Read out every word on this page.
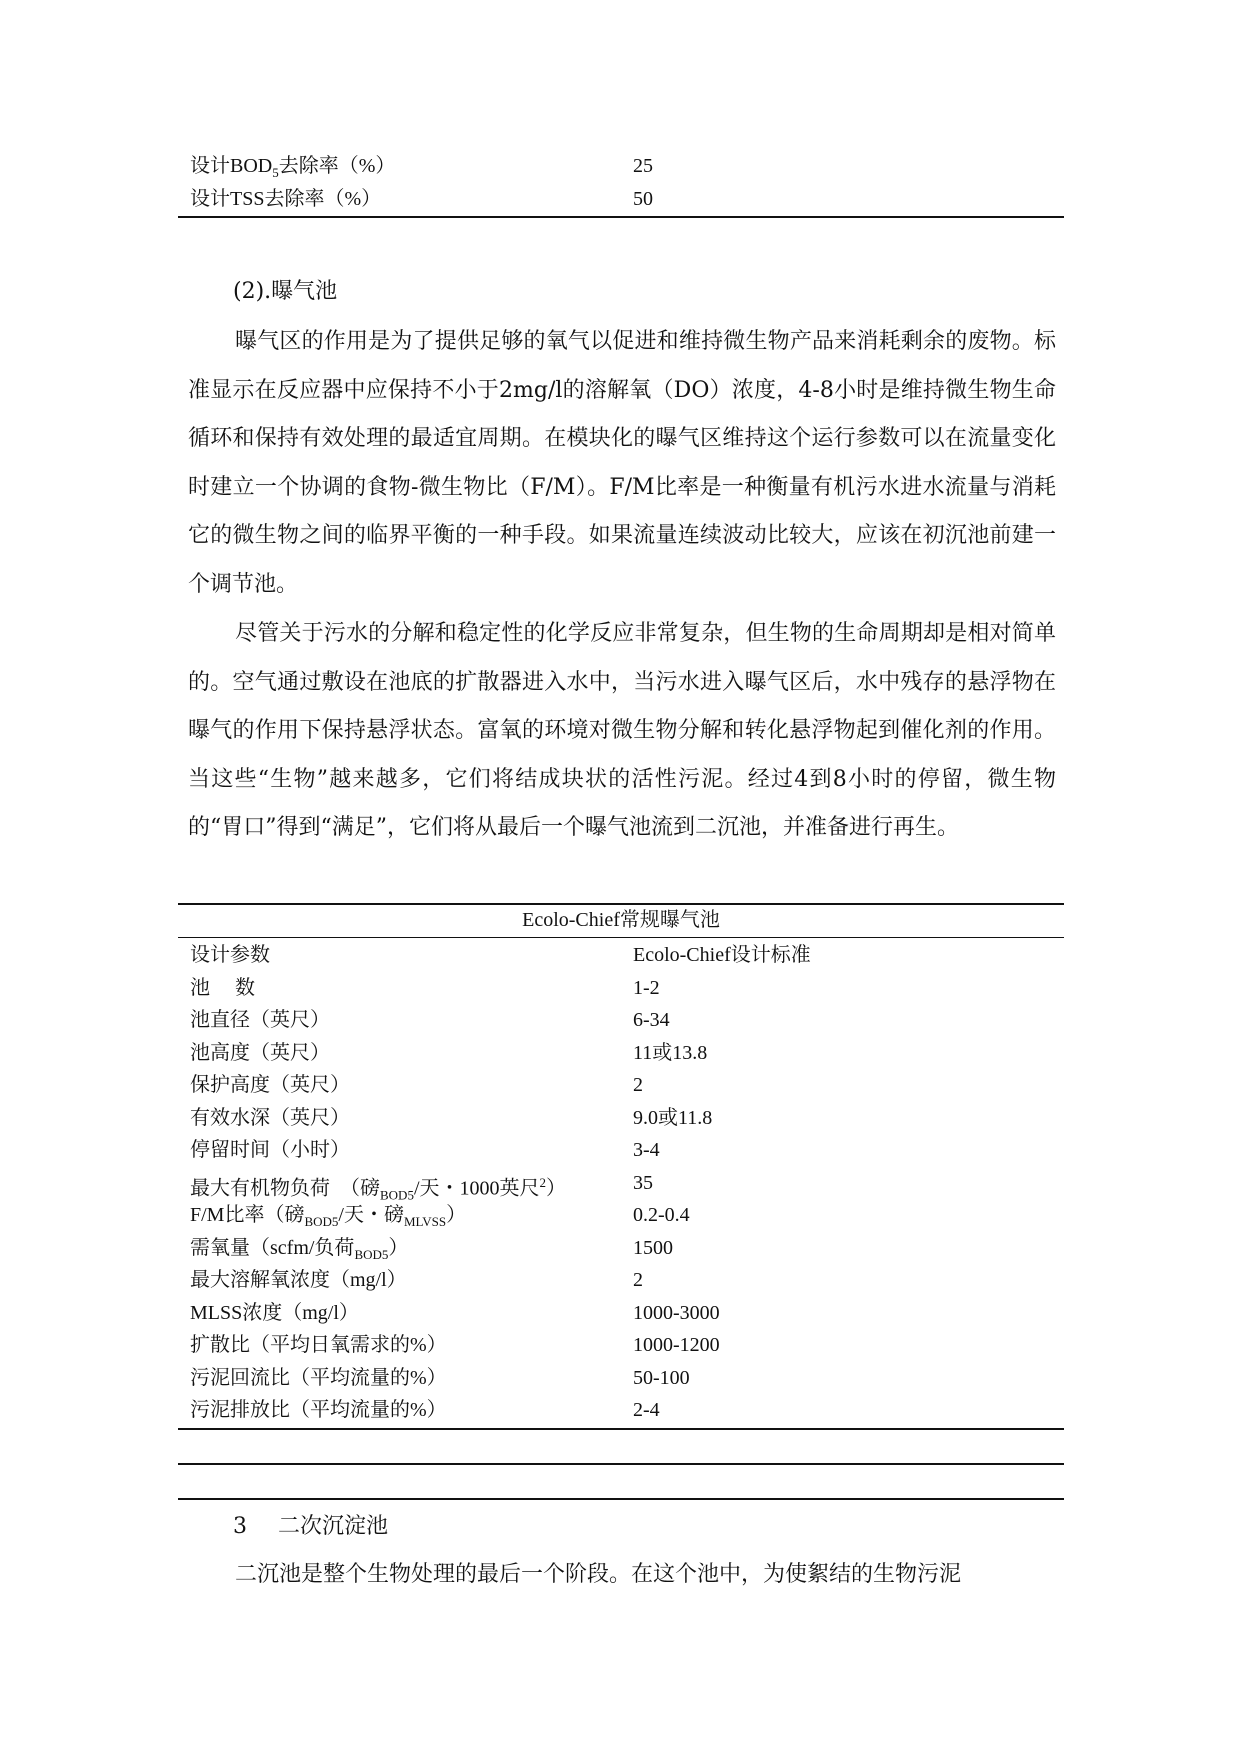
设计$BOD_5$去除率（%）	25
设计TSS去除率（%）	50
(2).曝气池
曝气区的作用是为了提供足够的氧气以促进和维持微生物产品来消耗剩余的废物。标准显示在反应器中应保持不小于2mg/l的溶解氧（DO）浓度，4-8小时是维持微生物生命循环和保持有效处理的最适宜周期。在模块化的曝气区维持这个运行参数可以在流量变化时建立一个协调的食物-微生物比（F/M）。F/M比率是一种衡量有机污水进水流量与消耗它的微生物之间的临界平衡的一种手段。如果流量连续波动比较大，应该在初沉池前建一个调节池。
尽管关于污水的分解和稳定性的化学反应非常复杂，但生物的生命周期却是相对简单的。空气通过敷设在池底的扩散器进入水中，当污水进入曝气区后，水中残存的悬浮物在曝气的作用下保持悬浮状态。富氧的环境对微生物分解和转化悬浮物起到催化剂的作用。当这些“生物”越来越多，它们将结成块状的活性污泥。经过4到8小时的停留，微生物的“胃口”得到“满足”，它们将从最后一个曝气池流到二沉池，并准备进行再生。
Ecolo-Chief常规曝气池
设计参数	Ecolo-Chief设计标准
池　 数	1-2
池直径（英尺）	6-34
池高度（英尺）	11或13.8
保护高度（英尺）	2
有效水深（英尺）	9.0或11.8
停留时间（小时）	3-4
最大有机物负荷　（磅$_{BOD5}$/天・1000英尺$^2$）	35
F/M比率（磅$_{BOD5}$/天・磅$_{MLVSS}$）	0.2-0.4
需氧量（scfm/负荷$_{BOD5}$）	1500
最大溶解氧浓度（mg/l）	2
MLSS浓度（mg/l）	1000-3000
扩散比（平均日氧需求的%）	1000-1200
污泥回流比（平均流量的%）	50-100
污泥排放比（平均流量的%）	2-4
3 二次沉淀池
二沉池是整个生物处理的最后一个阶段。在这个池中，为使絮结的生物污泥
